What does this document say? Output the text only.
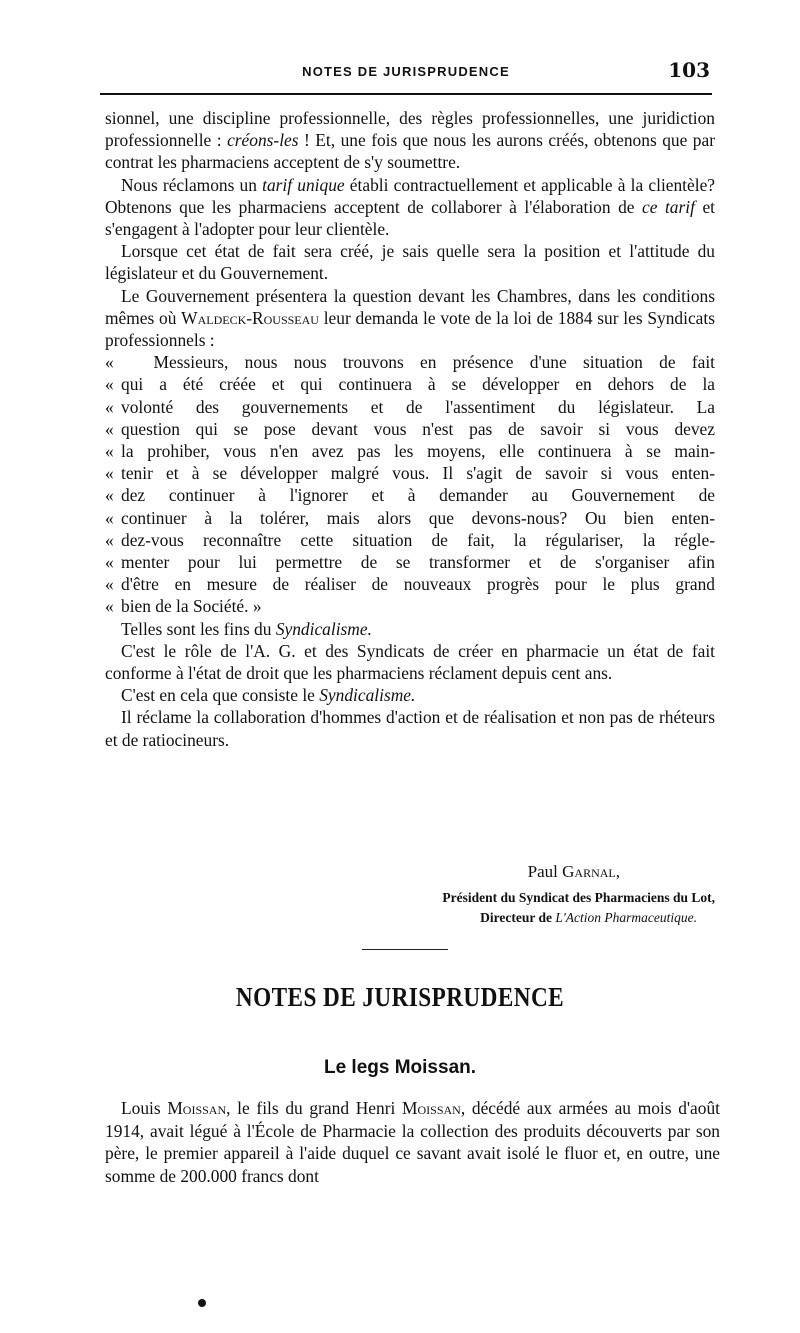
NOTES DE JURISPRUDENCE	103

sionnel, une discipline professionnelle, des règles professionnelles, une juridiction professionnelle : créons-les ! Et, une fois que nous les aurons créés, obtenons que par contrat les pharmaciens acceptent de s'y soumettre.

Nous réclamons un tarif unique établi contractuellement et applicable à la clientèle? Obtenons que les pharmaciens acceptent de collaborer à l'élaboration de ce tarif et s'engagent à l'adopter pour leur clientèle.

Lorsque cet état de fait sera créé, je sais quelle sera la position et l'attitude du législateur et du Gouvernement.

Le Gouvernement présentera la question devant les Chambres, dans les conditions mêmes où Waldeck-Rousseau leur demanda le vote de la loi de 1884 sur les Syndicats professionnels :

« Messieurs, nous nous trouvons en présence d'une situation de fait
« qui a été créée et qui continuera à se développer en dehors de la
« volonté des gouvernements et de l'assentiment du législateur. La
« question qui se pose devant vous n'est pas de savoir si vous devez
« la prohiber, vous n'en avez pas les moyens, elle continuera à se main-
« tenir et à se développer malgré vous. Il s'agit de savoir si vous enten-
« dez continuer à l'ignorer et à demander au Gouvernement de
« continuer à la tolérer, mais alors que devons-nous? Ou bien enten-
« dez-vous reconnaître cette situation de fait, la régulariser, la régle-
« menter pour lui permettre de se transformer et de s'organiser afin
« d'être en mesure de réaliser de nouveaux progrès pour le plus grand
« bien de la Société. »

Telles sont les fins du Syndicalisme.

C'est le rôle de l'A. G. et des Syndicats de créer en pharmacie un état de fait conforme à l'état de droit que les pharmaciens réclament depuis cent ans.

C'est en cela que consiste le Syndicalisme.

Il réclame la collaboration d'hommes d'action et de réalisation et non pas de rhéteurs et de ratiocineurs.

Paul Garnal,
Président du Syndicat des Pharmaciens du Lot,
Directeur de L'Action Pharmaceutique.
NOTES DE JURISPRUDENCE
Le legs Moissan.

Louis Moissan, le fils du grand Henri Moissan, décédé aux armées au mois d'août 1914, avait légué à l'École de Pharmacie la collection des produits découverts par son père, le premier appareil à l'aide duquel ce savant avait isolé le fluor et, en outre, une somme de 200.000 francs dont
